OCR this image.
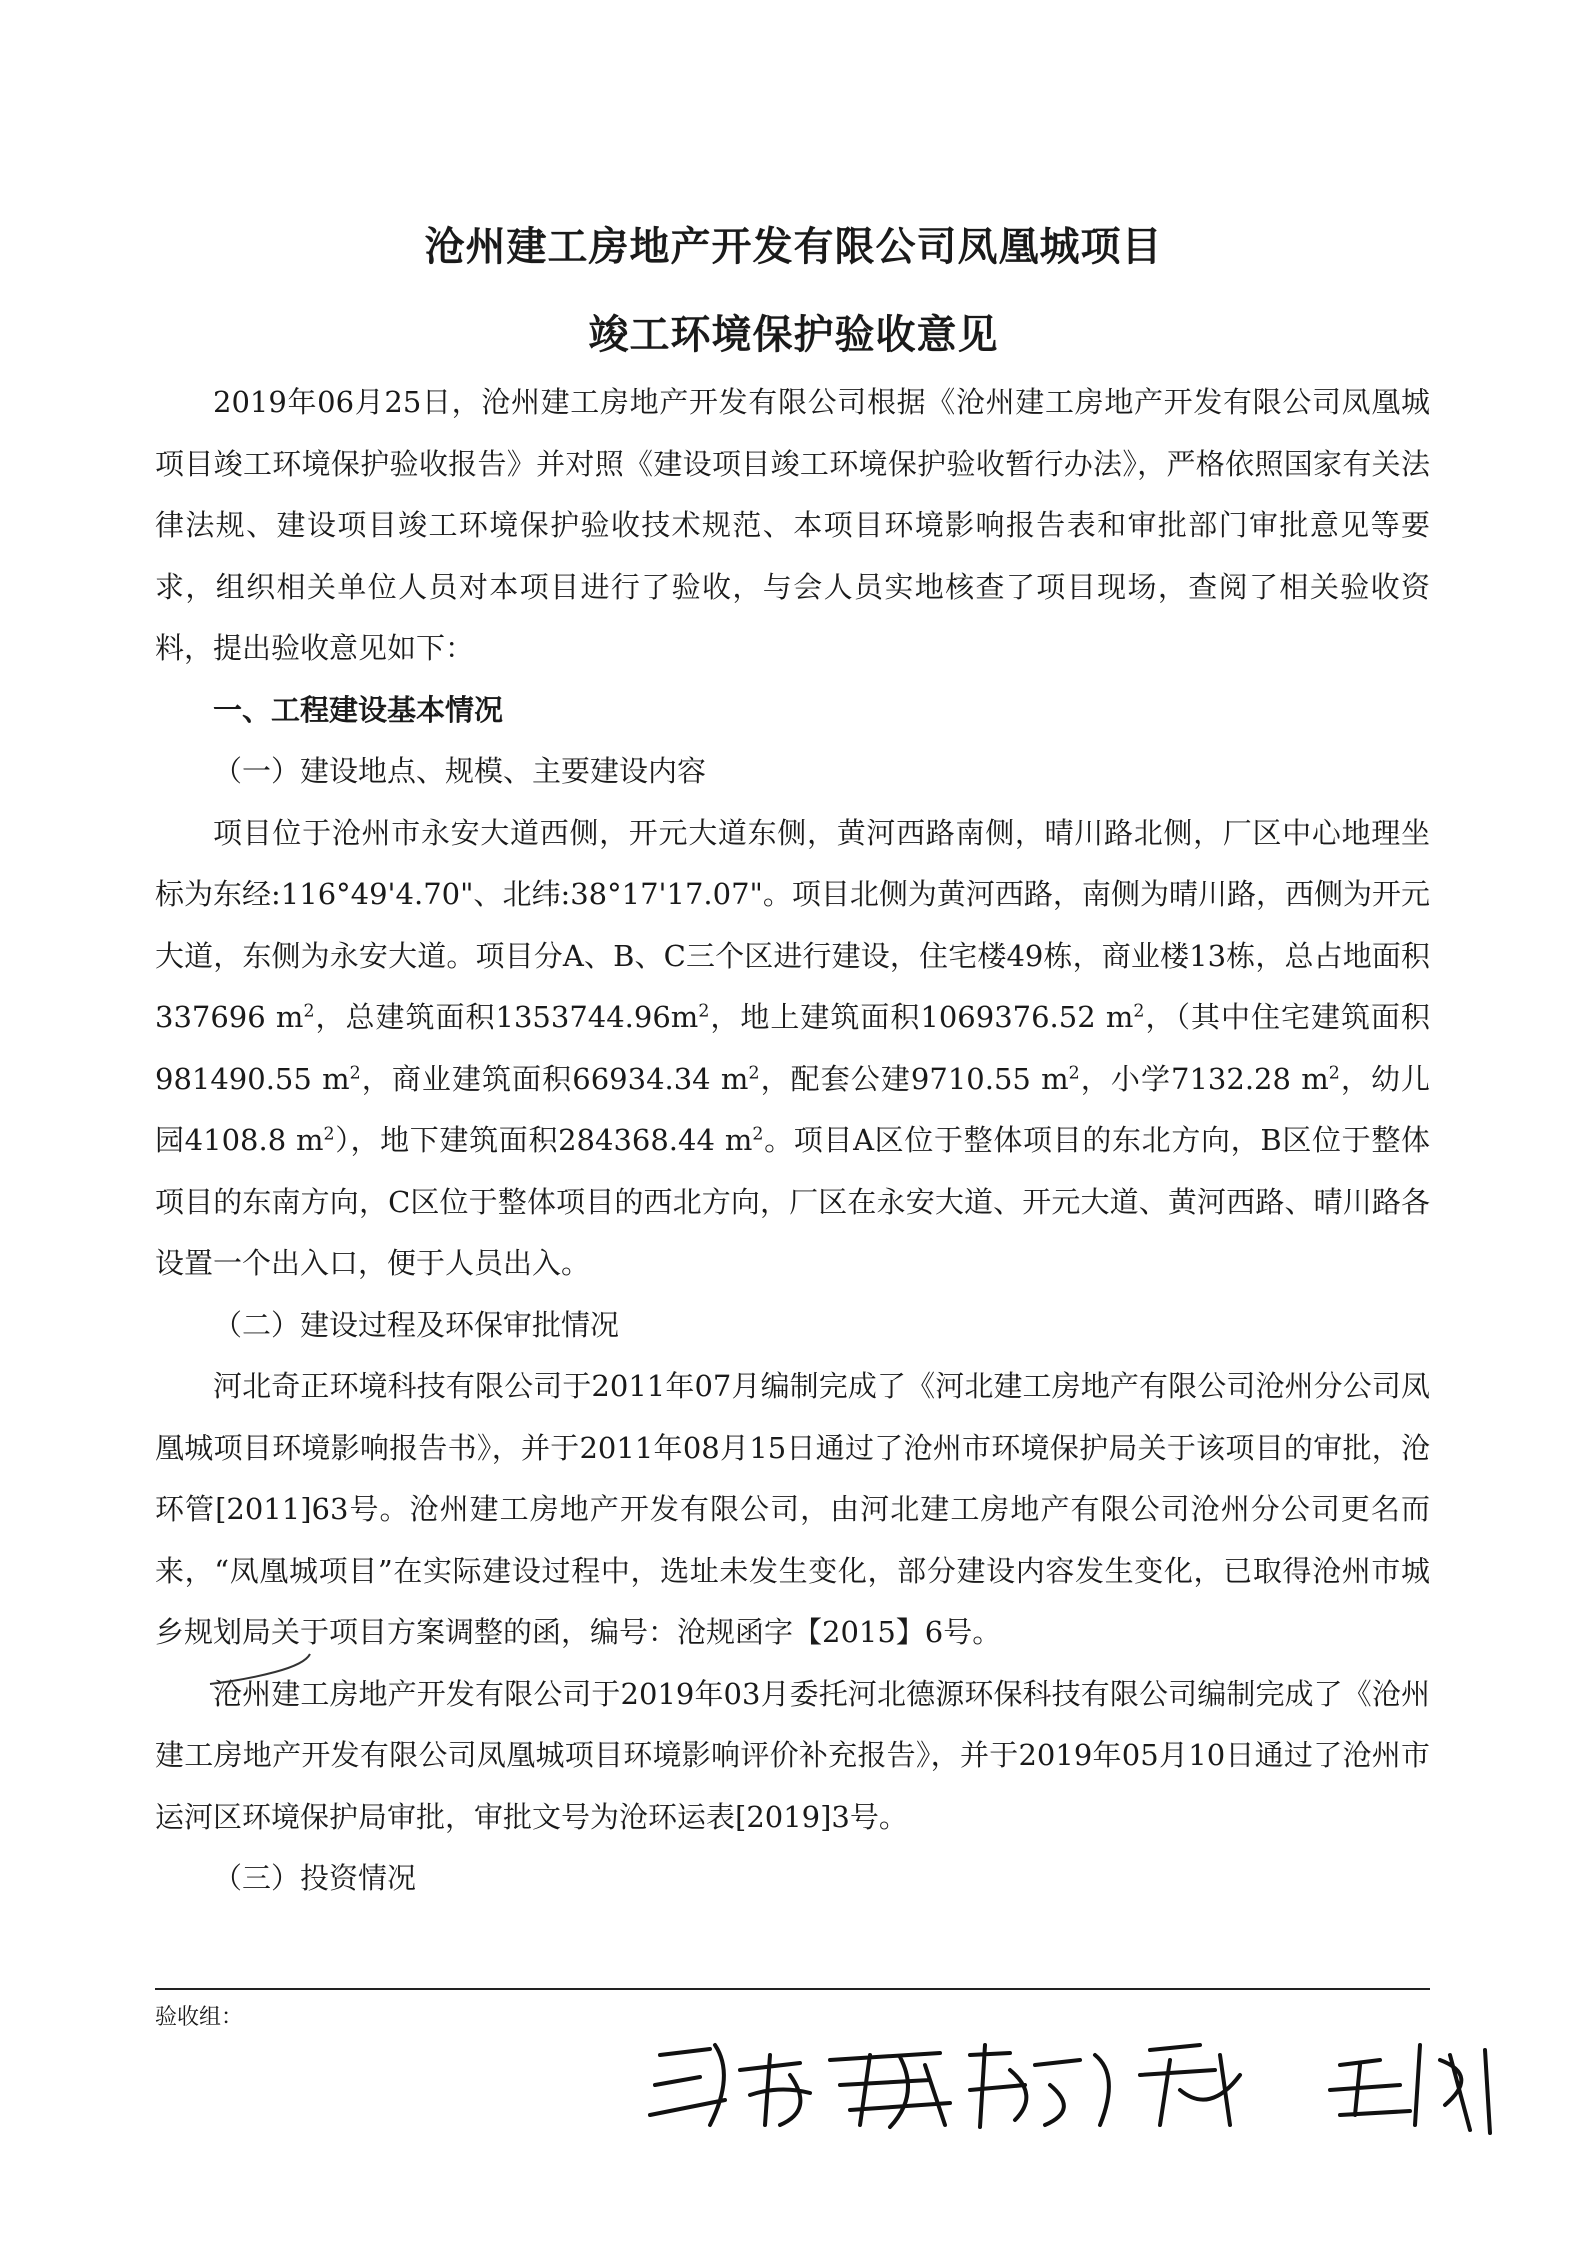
沧州建工房地产开发有限公司凤凰城项目
竣工环境保护验收意见

2019年06月25日，沧州建工房地产开发有限公司根据《沧州建工房地产开发有限公司凤凰城项目竣工环境保护验收报告》并对照《建设项目竣工环境保护验收暂行办法》，严格依照国家有关法律法规、建设项目竣工环境保护验收技术规范、本项目环境影响报告表和审批部门审批意见等要求，组织相关单位人员对本项目进行了验收，与会人员实地核查了项目现场，查阅了相关验收资料，提出验收意见如下：

一、工程建设基本情况

（一）建设地点、规模、主要建设内容

项目位于沧州市永安大道西侧，开元大道东侧，黄河西路南侧，晴川路北侧，厂区中心地理坐标为东经:116°49'4.70"、北纬:38°17'17.07"。项目北侧为黄河西路，南侧为晴川路，西侧为开元大道，东侧为永安大道。项目分A、B、C三个区进行建设，住宅楼49栋，商业楼13栋，总占地面积337696 $m^2$，总建筑面积$1353744.96m^2$，地上建筑面积1069376.52 $m^2$，（其中住宅建筑面积981490.55 $m^2$，商业建筑面积66934.34 $m^2$，配套公建9710.55 $m^2$，小学7132.28 $m^2$，幼儿园4108.8 $m^2$），地下建筑面积284368.44 $m^2$。项目A区位于整体项目的东北方向，B区位于整体项目的东南方向，C区位于整体项目的西北方向，厂区在永安大道、开元大道、黄河西路、晴川路各设置一个出入口，便于人员出入。

（二）建设过程及环保审批情况

河北奇正环境科技有限公司于2011年07月编制完成了《河北建工房地产有限公司沧州分公司凤凰城项目环境影响报告书》，并于2011年08月15日通过了沧州市环境保护局关于该项目的审批，沧环管[2011]63号。沧州建工房地产开发有限公司，由河北建工房地产有限公司沧州分公司更名而来，“凤凰城项目”在实际建设过程中，选址未发生变化，部分建设内容发生变化，已取得沧州市城乡规划局关于项目方案调整的函，编号：沧规函字【2015】6号。

沧州建工房地产开发有限公司于2019年03月委托河北德源环保科技有限公司编制完成了《沧州建工房地产开发有限公司凤凰城项目环境影响评价补充报告》，并于2019年05月10日通过了沧州市运河区环境保护局审批，审批文号为沧环运表[2019]3号。

（三）投资情况

验收组：
